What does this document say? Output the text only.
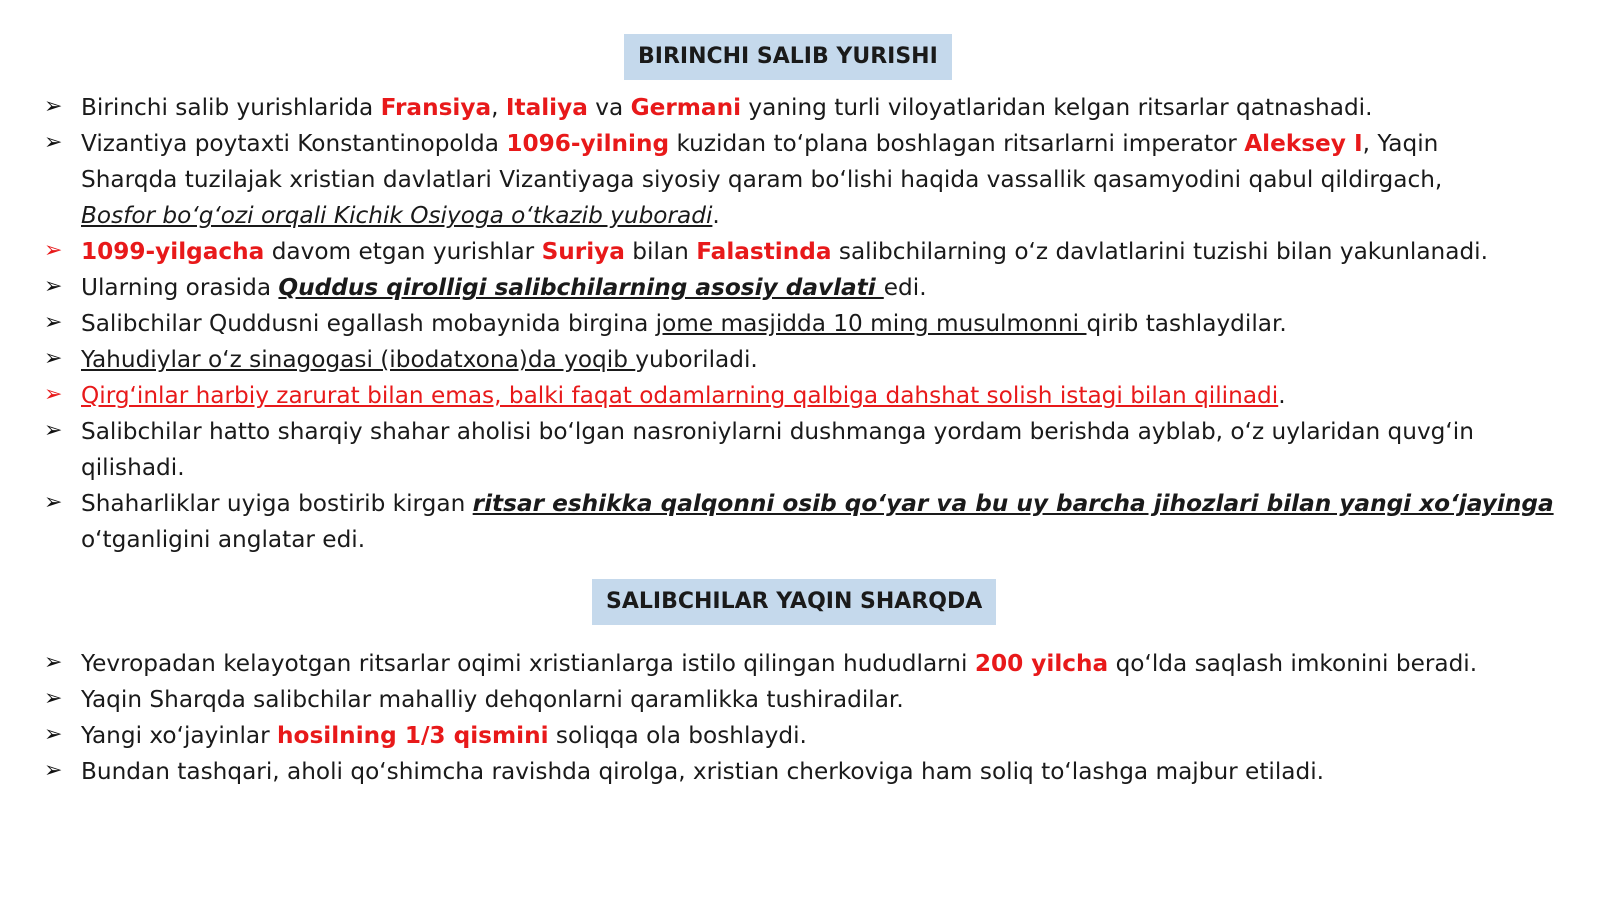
BIRINCHI SALIB YURISHI
➢ Birinchi salib yurishlarida Fransiya, Italiya va Germani yaning turli viloyatlaridan kelgan ritsarlar qatnashadi.
➢ Vizantiya poytaxti Konstantinopolda 1096-yilning kuzidan to‘plana boshlagan ritsarlarni imperator Aleksey I, Yaqin
Sharqda tuzilajak xristian davlatlari Vizantiyaga siyosiy qaram bo‘lishi haqida vassallik qasamyodini qabul qildirgach,
Bosfor bo‘g‘ozi orqali Kichik Osiyoga o‘tkazib yuboradi.
➢ 1099-yilgacha davom etgan yurishlar Suriya bilan Falastinda salibchilarning o‘z davlatlarini tuzishi bilan yakunlanadi.
➢ Ularning orasida Quddus qirolligi salibchilarning asosiy davlati edi.
➢ Salibchilar Quddusni egallash mobaynida birgina jome masjidda 10 ming musulmonni qirib tashlaydilar.
➢ Yahudiylar o‘z sinagogasi (ibodatxona)da yoqib yuboriladi.
➢ Qirg‘inlar harbiy zarurat bilan emas, balki faqat odamlarning qalbiga dahshat solish istagi bilan qilinadi.
➢ Salibchilar hatto sharqiy shahar aholisi bo‘lgan nasroniylarni dushmanga yordam berishda ayblab, o‘z uylaridan quvg‘in
qilishadi.
➢ Shaharliklar uyiga bostirib kirgan ritsar eshikka qalqonni osib qo‘yar va bu uy barcha jihozlari bilan yangi xo‘jayinga
o‘tganligini anglatar edi.
SALIBCHILAR YAQIN SHARQDA
➢ Yevropadan kelayotgan ritsarlar oqimi xristianlarga istilo qilingan hududlarni 200 yilcha qo‘lda saqlash imkonini beradi.
➢ Yaqin Sharqda salibchilar mahalliy dehqonlarni qaramlikka tushiradilar.
➢ Yangi xo‘jayinlar hosilning 1/3 qismini soliqqa ola boshlaydi.
➢ Bundan tashqari, aholi qo‘shimcha ravishda qirolga, xristian cherkoviga ham soliq to‘lashga majbur etiladi.
